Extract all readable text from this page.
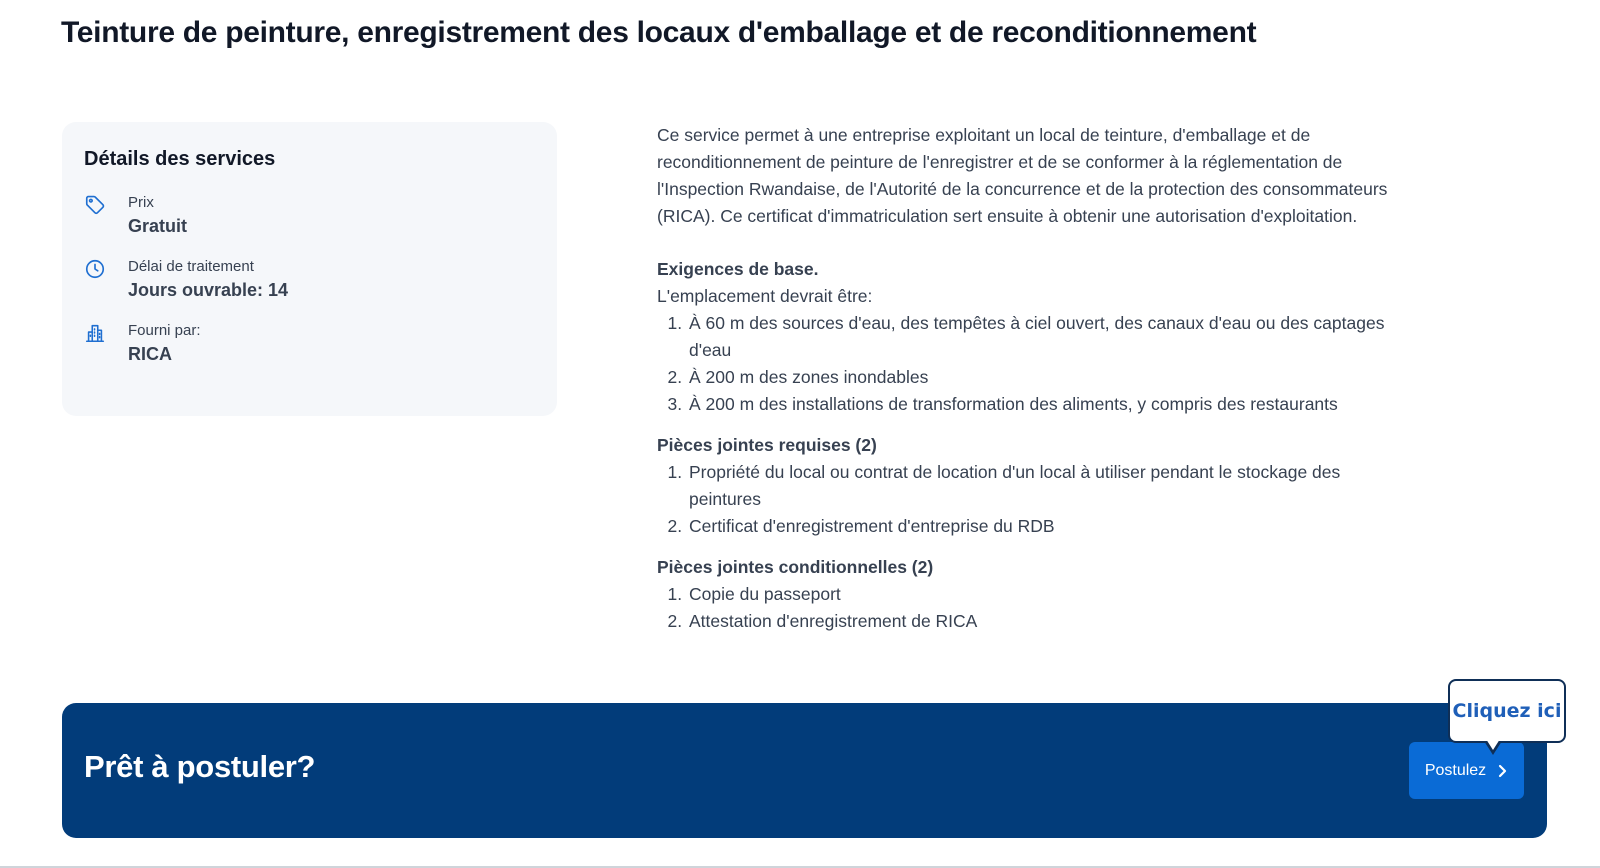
Teinture de peinture, enregistrement des locaux d'emballage et de reconditionnement
Détails des services
Prix
Gratuit
Délai de traitement
Jours ouvrable: 14
Fourni par:
RICA

Ce service permet à une entreprise exploitant un local de teinture, d'emballage et de reconditionnement de peinture de l'enregistrer et de se conformer à la réglementation de l'Inspection Rwandaise, de l'Autorité de la concurrence et de la protection des consommateurs (RICA). Ce certificat d'immatriculation sert ensuite à obtenir une autorisation d'exploitation.

Exigences de base.
L'emplacement devrait être:
1. À 60 m des sources d'eau, des tempêtes à ciel ouvert, des canaux d'eau ou des captages d'eau
2. À 200 m des zones inondables
3. À 200 m des installations de transformation des aliments, y compris des restaurants
Pièces jointes requises (2)
1. Propriété du local ou contrat de location d'un local à utiliser pendant le stockage des peintures
2. Certificat d'enregistrement d'entreprise du RDB
Pièces jointes conditionnelles (2)
1. Copie du passeport
2. Attestation d'enregistrement de RICA
Prêt à postuler?	Postulez
Cliquez ici
